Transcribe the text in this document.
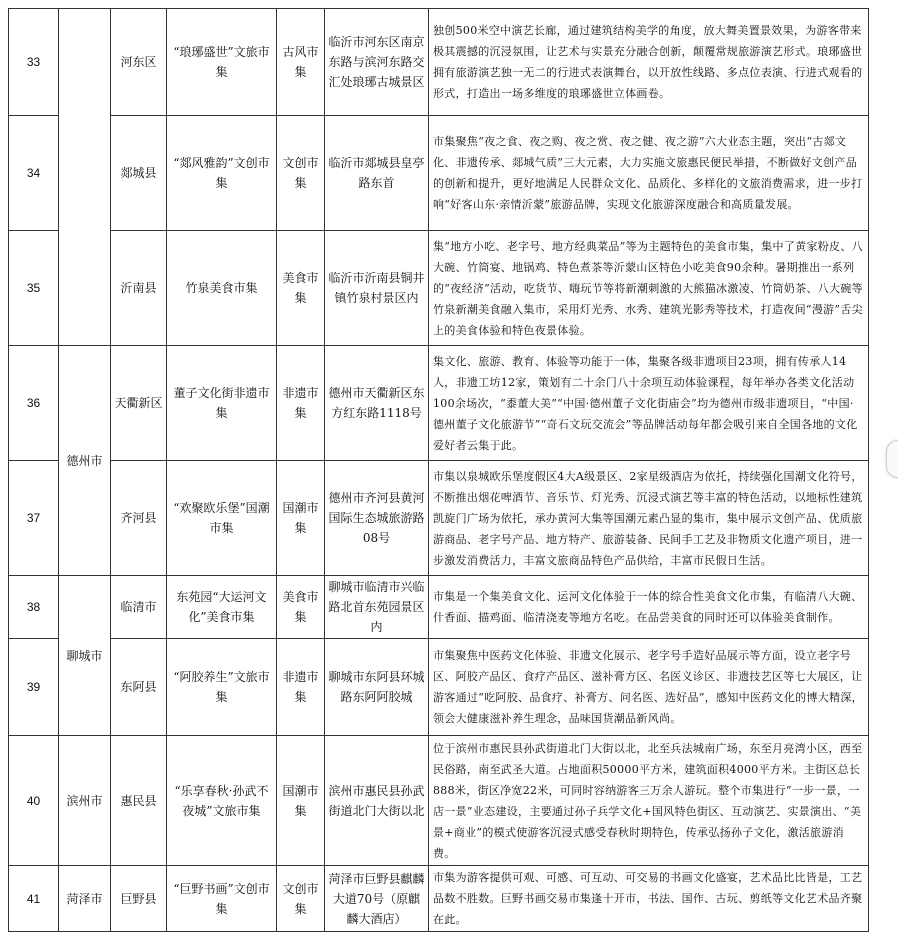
33		河东区	“琅琊盛世”文旅市集	古风市集	临沂市河东区南京东路与滨河东路交汇处琅琊古城景区	独创500米空中演艺长廊，通过建筑结构美学的角度，放大舞美置景效果，为游客带来极其震撼的沉浸氛围，让艺术与实景充分融合创新，颠覆常规旅游演艺形式。琅琊盛世拥有旅游演艺独一无二的行进式表演舞台，以开放性线路、多点位表演、行进式观看的形式，打造出一场多维度的琅琊盛世立体画卷。
34		郯城县	“郯风雅韵”文创市集	文创市集	临沂市郯城县皇亭路东首	市集聚焦“夜之食、夜之购、夜之赏、夜之健、夜之游”六大业态主题，突出“古郯文化、非遗传承、郯城气质”三大元素，大力实施文旅惠民便民举措，不断做好文创产品的创新和提升，更好地满足人民群众文化、品质化、多样化的文旅消费需求，进一步打响“好客山东·亲情沂蒙”旅游品牌，实现文化旅游深度融合和高质量发展。
35		沂南县	竹泉美食市集	美食市集	临沂市沂南县铜井镇竹泉村景区内	集“地方小吃、老字号、地方经典菜品”等为主题特色的美食市集，集中了黄家粉皮、八大碗、竹筒宴、地锅鸡、特色煮茶等沂蒙山区特色小吃美食90余种。暑期推出一系列的“夜经济”活动，吃货节、嗨玩节等将新潮刺激的大熊猫冰激凌、竹筒奶茶、八大碗等竹泉新潮美食融入集市，采用灯光秀、水秀、建筑光影秀等技术，打造夜间“漫游”舌尖上的美食体验和特色夜景体验。
36	德州市	天衢新区	董子文化街非遗市集	非遗市集	德州市天衢新区东方红东路1118号	集文化、旅游、教育、体验等功能于一体，集聚各级非遗项目23项，拥有传承人14人，非遗工坊12家，策划有二十余门八十余项互动体验课程，每年举办各类文化活动100余场次，“黍董大美”“中国·德州董子文化街庙会”均为德州市级非遗项目，“中国·德州董子文化旅游节”“奇石文玩交流会”等品牌活动每年都会吸引来自全国各地的文化爱好者云集于此。
37		齐河县	“欢聚欧乐堡”国潮市集	国潮市集	德州市齐河县黄河国际生态城旅游路08号	市集以泉城欧乐堡度假区4大A级景区、2家星级酒店为依托，持续强化国潮文化符号，不断推出烟花啤酒节、音乐节、灯光秀、沉浸式演艺等丰富的特色活动，以地标性建筑凯旋门广场为依托，承办黄河大集等国潮元素凸显的集市，集中展示文创产品、优质旅游商品、老字号产品、地方特产、旅游装备、民间手工艺及非物质文化遗产项目，进一步激发消费活力，丰富文旅商品特色产品供给，丰富市民假日生活。
38	聊城市	临清市	东苑园“大运河文化”美食市集	美食市集	聊城市临清市兴临路北首东苑园景区内	市集是一个集美食文化、运河文化体验于一体的综合性美食文化市集，有临清八大碗、什香面、描鸡面、临清浇麦等地方名吃。在品尝美食的同时还可以体验美食制作。
39		东阿县	“阿胶养生”文旅市集	非遗市集	聊城市东阿县环城路东阿阿胶城	市集聚焦中医药文化体验、非遗文化展示、老字号手造好品展示等方面，设立老字号区、阿胶产品区、食疗产品区、滋补膏方区、名医义诊区、非遗技艺区等七大展区，让游客通过“吃阿胶、品食疗、补膏方、问名医、选好品”，感知中医药文化的博大精深，领会大健康滋补养生理念，品味国货潮品新风尚。
40	滨州市	惠民县	“乐享春秋·孙武不夜城”文旅市集	国潮市集	滨州市惠民县孙武街道北门大街以北	位于滨州市惠民县孙武街道北门大街以北，北至兵法城南广场，东至月亮湾小区，西至民俗路，南至武圣大道。占地面积50000平方米，建筑面积4000平方米。主街区总长888米，街区净宽22米，可同时容纳游客三万余人游玩。整个市集进行“一步一景，一店一景”业态建设，主要通过孙子兵学文化+国风特色街区、互动演艺、实景演出、“美景+商业”的模式使游客沉浸式感受春秋时期特色，传承弘扬孙子文化，激活旅游消费。
41	菏泽市	巨野县	“巨野书画”文创市集	文创市集	菏泽市巨野县麒麟大道70号（原麒麟大酒店）	市集为游客提供可观、可感、可互动、可交易的书画文化盛宴，艺术品比比皆是，工艺品数不胜数。巨野书画交易市集逢十开市，书法、国作、古玩、剪纸等文化艺术品齐聚在此。
